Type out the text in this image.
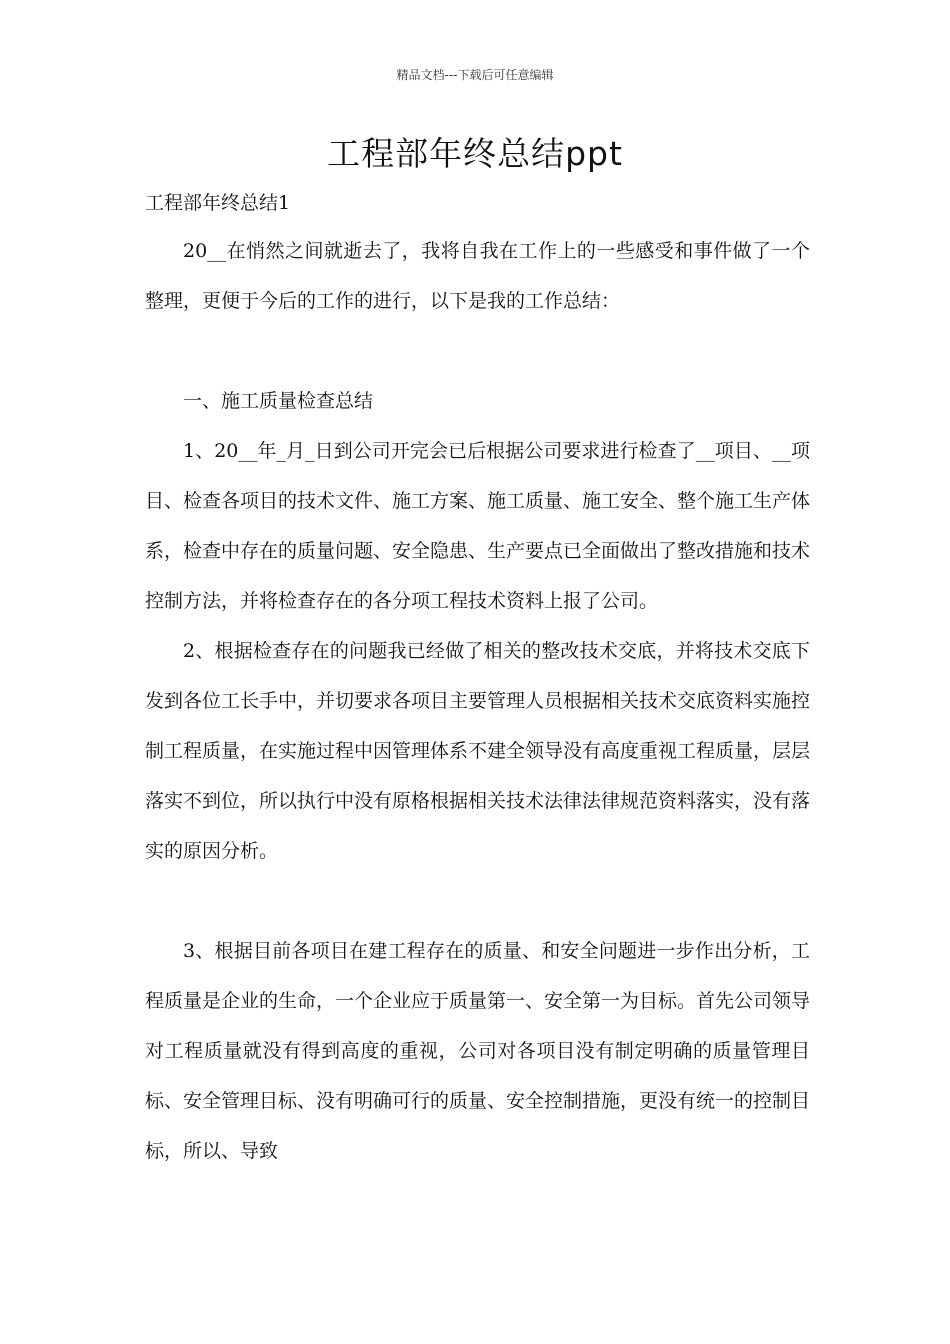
精品文档---下载后可任意编辑
工程部年终总结ppt
工程部年终总结1

20__在悄然之间就逝去了，我将自我在工作上的一些感受和事件做了一个整理，更便于今后的工作的进行，以下是我的工作总结：

一、施工质量检查总结

1、20__年_月_日到公司开完会已后根据公司要求进行检查了__项目、__项目、检查各项目的技术文件、施工方案、施工质量、施工安全、整个施工生产体系，检查中存在的质量问题、安全隐患、生产要点已全面做出了整改措施和技术控制方法，并将检查存在的各分项工程技术资料上报了公司。

2、根据检查存在的问题我已经做了相关的整改技术交底，并将技术交底下发到各位工长手中，并切要求各项目主要管理人员根据相关技术交底资料实施控制工程质量，在实施过程中因管理体系不建全领导没有高度重视工程质量，层层落实不到位，所以执行中没有原格根据相关技术法律法律规范资料落实，没有落实的原因分析。

3、根据目前各项目在建工程存在的质量、和安全问题进一步作出分析，工程质量是企业的生命，一个企业应于质量第一、安全第一为目标。首先公司领导对工程质量就没有得到高度的重视，公司对各项目没有制定明确的质量管理目标、安全管理目标、没有明确可行的质量、安全控制措施，更没有统一的控制目标，所以、导致
